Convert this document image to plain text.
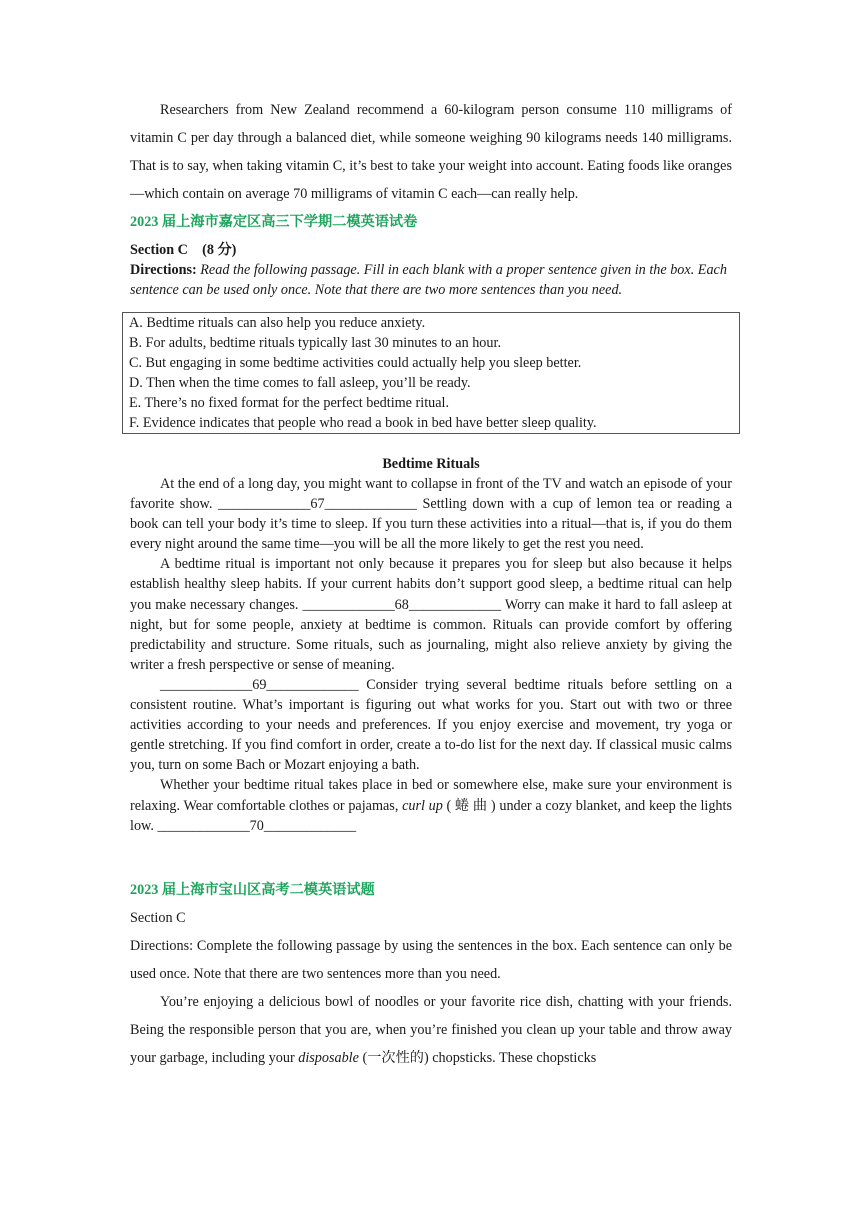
Researchers from New Zealand recommend a 60-kilogram person consume 110 milligrams of vitamin C per day through a balanced diet, while someone weighing 90 kilograms needs 140 milligrams. That is to say, when taking vitamin C, it’s best to take your weight into account. Eating foods like oranges—which contain on average 70 milligrams of vitamin C each—can really help.

2023 届上海市嘉定区高三下学期二模英语试卷

Section C　(8 分)

Directions: Read the following passage. Fill in each blank with a proper sentence given in the box. Each sentence can be used only once. Note that there are two more sentences than you need.

A. Bedtime rituals can also help you reduce anxiety.
B. For adults, bedtime rituals typically last 30 minutes to an hour.
C. But engaging in some bedtime activities could actually help you sleep better.
D. Then when the time comes to fall asleep, you’ll be ready.
E. There’s no fixed format for the perfect bedtime ritual.
F. Evidence indicates that people who read a book in bed have better sleep quality.

Bedtime Rituals

At the end of a long day, you might want to collapse in front of the TV and watch an episode of your favorite show. _____________67_____________ Settling down with a cup of lemon tea or reading a book can tell your body it’s time to sleep. If you turn these activities into a ritual—that is, if you do them every night around the same time—you will be all the more likely to get the rest you need.

A bedtime ritual is important not only because it prepares you for sleep but also because it helps establish healthy sleep habits. If your current habits don’t support good sleep, a bedtime ritual can help you make necessary changes. _____________68_____________ Worry can make it hard to fall asleep at night, but for some people, anxiety at bedtime is common. Rituals can provide comfort by offering predictability and structure. Some rituals, such as journaling, might also relieve anxiety by giving the writer a fresh perspective or sense of meaning.

_____________69_____________ Consider trying several bedtime rituals before settling on a consistent routine. What’s important is figuring out what works for you. Start out with two or three activities according to your needs and preferences. If you enjoy exercise and movement, try yoga or gentle stretching. If you find comfort in order, create a to-do list for the next day. If classical music calms you, turn on some Bach or Mozart enjoying a bath.

Whether your bedtime ritual takes place in bed or somewhere else, make sure your environment is relaxing. Wear comfortable clothes or pajamas, curl up ( 蜷 曲 ) under a cozy blanket, and keep the lights low. _____________70_____________

2023 届上海市宝山区高考二模英语试题

Section C

Directions: Complete the following passage by using the sentences in the box. Each sentence can only be used once. Note that there are two sentences more than you need.

You’re enjoying a delicious bowl of noodles or your favorite rice dish, chatting with your friends. Being the responsible person that you are, when you’re finished you clean up your table and throw away your garbage, including your disposable (一次性的) chopsticks. These chopsticks
